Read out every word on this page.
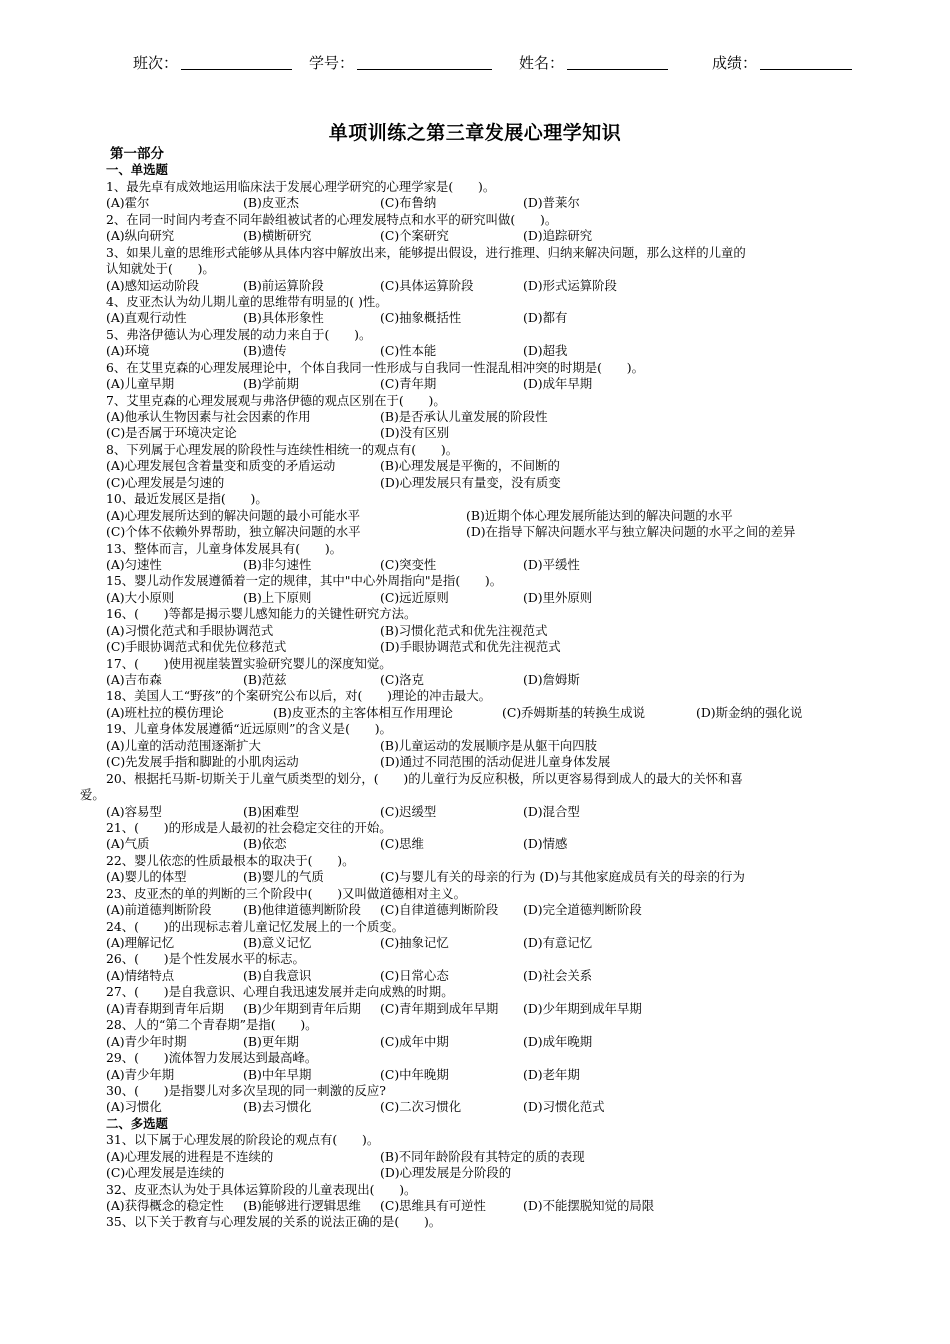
班次：	学号：	姓名：	成绩：
单项训练之第三章发展心理学知识
第一部分
一、单选题
1、最先卓有成效地运用临床法于发展心理学研究的心理学家是(　　)。
(A)霍尔	(B)皮亚杰	(C)布鲁纳	(D)普莱尔
2、在同一时间内考查不同年龄组被试者的心理发展特点和水平的研究叫做(　　)。
(A)纵向研究	(B)横断研究	(C)个案研究	(D)追踪研究
3、如果儿童的思维形式能够从具体内容中解放出来，能够提出假设，进行推理、归纳来解决问题，那么这样的儿童的
认知就处于(　　)。
(A)感知运动阶段	(B)前运算阶段	(C)具体运算阶段	(D)形式运算阶段
4、皮亚杰认为幼儿期儿童的思维带有明显的( )性。
(A)直观行动性	(B)具体形象性	(C)抽象概括性	(D)都有
5、弗洛伊德认为心理发展的动力来自于(　　)。
(A)环境	(B)遗传	(C)性本能	(D)超我
6、在艾里克森的心理发展理论中，个体自我同一性形成与自我同一性混乱相冲突的时期是(　　)。
(A)儿童早期	(B)学前期	(C)青年期	(D)成年早期
7、艾里克森的心理发展观与弗洛伊德的观点区别在于(　　)。
(A)他承认生物因素与社会因素的作用	(B)是否承认儿童发展的阶段性
(C)是否属于环境决定论	(D)没有区别
8、下列属于心理发展的阶段性与连续性相统一的观点有(　　)。
(A)心理发展包含着量变和质变的矛盾运动	(B)心理发展是平衡的，不间断的
(C)心理发展是匀速的	(D)心理发展只有量变，没有质变
10、最近发展区是指(　　)。
(A)心理发展所达到的解决问题的最小可能水平	(B)近期个体心理发展所能达到的解决问题的水平
(C)个体不依赖外界帮助，独立解决问题的水平	(D)在指导下解决问题水平与独立解决问题的水平之间的差异
13、整体而言，儿童身体发展具有(　　)。
(A)匀速性	(B)非匀速性	(C)突变性	(D)平缓性
15、婴儿动作发展遵循着一定的规律，其中"中心外周指向"是指(　　)。
(A)大小原则	(B)上下原则	(C)远近原则	(D)里外原则
16、(　　)等都是揭示婴儿感知能力的关键性研究方法。
(A)习惯化范式和手眼协调范式	(B)习惯化范式和优先注视范式
(C)手眼协调范式和优先位移范式	(D)手眼协调范式和优先注视范式
17、(　　)使用视崖装置实验研究婴儿的深度知觉。
(A)吉布森	(B)范兹	(C)洛克	(D)詹姆斯
18、美国人工“野孩”的个案研究公布以后，对(　　)理论的冲击最大。
(A)班杜拉的模仿理论	(B)皮亚杰的主客体相互作用理论	(C)乔姆斯基的转换生成说	(D)斯金纳的强化说
19、儿童身体发展遵循“近远原则”的含义是(　　)。
(A)儿童的活动范围逐渐扩大	(B)儿童运动的发展顺序是从躯干向四肢
(C)先发展手指和脚趾的小肌肉运动	(D)通过不同范围的活动促进儿童身体发展
20、根据托马斯-切斯关于儿童气质类型的划分，(　　)的儿童行为反应积极，所以更容易得到成人的最大的关怀和喜
爱。
(A)容易型	(B)困难型	(C)迟缓型	(D)混合型
21、(　　)的形成是人最初的社会稳定交往的开始。
(A)气质	(B)依恋	(C)思维	(D)情感
22、婴儿依恋的性质最根本的取决于(　　)。
(A)婴儿的体型	(B)婴儿的气质	(C)与婴儿有关的母亲的行为 (D)与其他家庭成员有关的母亲的行为
23、皮亚杰的单的判断的三个阶段中(　　)又叫做道德相对主义。
(A)前道德判断阶段	(B)他律道德判断阶段 (C)自律道德判断阶段 (D)完全道德判断阶段
24、(　　)的出现标志着儿童记忆发展上的一个质变。
(A)理解记忆	(B)意义记忆	(C)抽象记忆	(D)有意记忆
26、(　　)是个性发展水平的标志。
(A)情绪特点	(B)自我意识	(C)日常心态	(D)社会关系
27、(　　)是自我意识、心理自我迅速发展并走向成熟的时期。
(A)青春期到青年后期 (B)少年期到青年后期 (C)青年期到成年早期 (D)少年期到成年早期
28、人的“第二个青春期”是指(　　)。
(A)青少年时期	(B)更年期	(C)成年中期	(D)成年晚期
29、(　　)流体智力发展达到最高峰。
(A)青少年期	(B)中年早期	(C)中年晚期	(D)老年期
30、(　　)是指婴儿对多次呈现的同一刺激的反应?
(A)习惯化	(B)去习惯化	(C)二次习惯化	(D)习惯化范式
二、多选题
31、以下属于心理发展的阶段论的观点有(　　)。
(A)心理发展的进程是不连续的	(B)不同年龄阶段有其特定的质的表现
(C)心理发展是连续的	(D)心理发展是分阶段的
32、皮亚杰认为处于具体运算阶段的儿童表现出(　　)。
(A)获得概念的稳定性 (B)能够进行逻辑思维 (C)思维具有可逆性	(D)不能摆脱知觉的局限
35、以下关于教育与心理发展的关系的说法正确的是(　　)。
